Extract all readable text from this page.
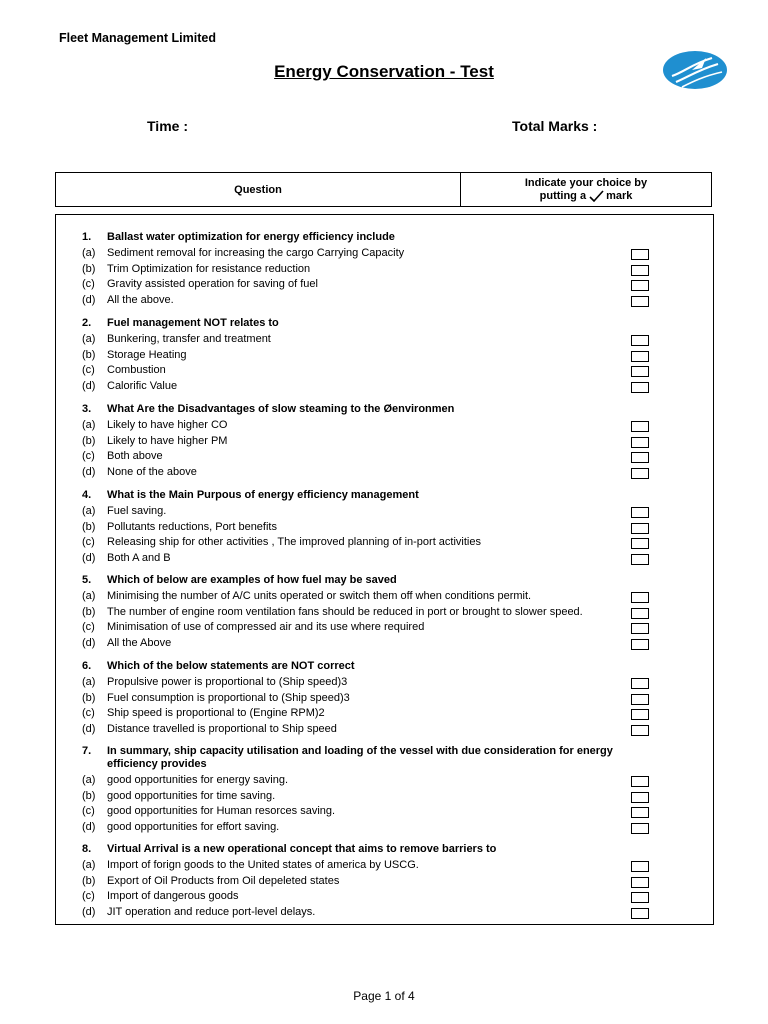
Fleet Management Limited
Energy Conservation - Test
Time :	Total Marks :
Question
Indicate your choice by
putting a mark
1.	Ballast water optimization for energy efficiency include
(a)	Sediment removal for increasing the cargo Carrying Capacity
(b)	Trim Optimization for resistance reduction
(c)	Gravity assisted operation for saving of fuel
(d)	All the above.
2.	Fuel management NOT relates to
(a)	Bunkering, transfer and treatment
(b)	Storage Heating
(c)	Combustion
(d)	Calorific Value
3.	What Are the Disadvantages of slow steaming to the Øenvironmen
(a)	Likely to have higher CO
(b)	Likely to have higher PM
(c)	Both above
(d)	None of the above
4.	What is the Main Purpous of energy efficiency management
(a)	Fuel saving.
(b)	Pollutants reductions, Port benefits
(c)	Releasing ship for other activities , The improved planning of in-port activities
(d)	Both A and B
5.	Which of below are examples of how fuel may be saved
(a)	Minimising the number of A/C units operated or switch them off when conditions permit.
(b)	The number of engine room ventilation fans should be reduced in port or brought to slower speed.
(c)	Minimisation of use of compressed air and its use where required
(d)	All the Above
6.	Which of the below statements are NOT correct
(a)	Propulsive power is proportional to (Ship speed)3
(b)	Fuel consumption is proportional to (Ship speed)3
(c)	Ship speed is proportional to (Engine RPM)2
(d)	Distance travelled is proportional to Ship speed
7.	In summary, ship capacity utilisation and loading of the vessel with due consideration for energy efficiency provides
(a)	good opportunities for energy saving.
(b)	good opportunities for time saving.
(c)	good opportunities for Human resorces saving.
(d)	good opportunities for effort saving.
8.	Virtual Arrival is a new operational concept that aims to remove barriers to
(a)	Import of forign goods to the United states of america by USCG.
(b)	Export of Oil Products from Oil depeleted states
(c)	Import of dangerous goods
(d)	JIT operation and reduce port-level delays.
Page 1 of 4
